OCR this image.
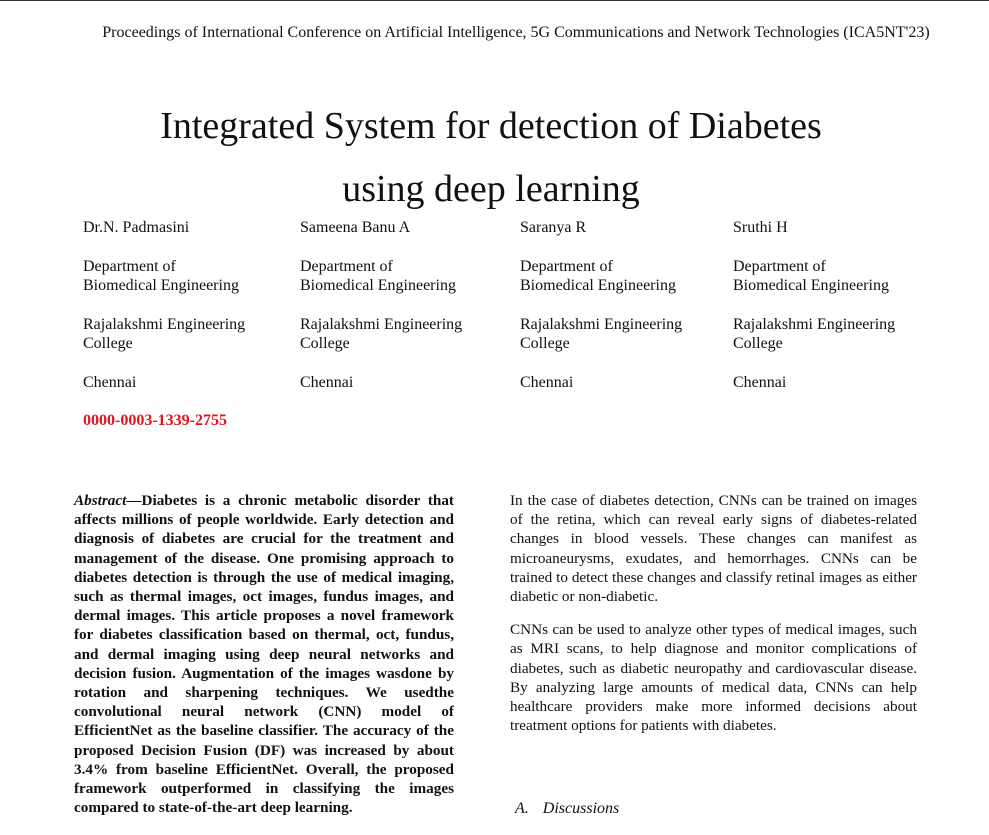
Proceedings of International Conference on Artificial Intelligence, 5G Communications and Network Technologies (ICA5NT'23)
Integrated System for detection of Diabetes
using deep learning
Dr.N. Padmasini
Department of
Biomedical Engineering
Rajalakshmi Engineering
College
Chennai
0000-0003-1339-2755
Sameena Banu A
Department of
Biomedical Engineering
Rajalakshmi Engineering
College
Chennai
Saranya R
Department of
Biomedical Engineering
Rajalakshmi Engineering
College
Chennai
Sruthi H
Department of
Biomedical Engineering
Rajalakshmi Engineering
College
Chennai
Abstract—Diabetes is a chronic metabolic disorder that affects millions of people worldwide. Early detection and diagnosis of diabetes are crucial for the treatment and management of the disease. One promising approach to diabetes detection is through the use of medical imaging, such as thermal images, oct images, fundus images, and dermal images. This article proposes a novel framework for diabetes classification based on thermal, oct, fundus, and dermal imaging using deep neural networks and decision fusion. Augmentation of the images wasdone by rotation and sharpening techniques. We usedthe convolutional neural network (CNN) model of EfficientNet as the baseline classifier. The accuracy of the proposed Decision Fusion (DF) was increased by about 3.4% from baseline EfficientNet. Overall, the proposed framework outperformed in classifying the images compared to state-of-the-art deep learning.

In the case of diabetes detection, CNNs can be trained on images of the retina, which can reveal early signs of diabetes-related changes in blood vessels. These changes can manifest as microaneurysms, exudates, and hemorrhages. CNNs can be trained to detect these changes and classify retinal images as either diabetic or non-diabetic.

CNNs can be used to analyze other types of medical images, such as MRI scans, to help diagnose and monitor complications of diabetes, such as diabetic neuropathy and cardiovascular disease. By analyzing large amounts of medical data, CNNs can help healthcare providers make more informed decisions about treatment options for patients with diabetes.

A. Discussions
